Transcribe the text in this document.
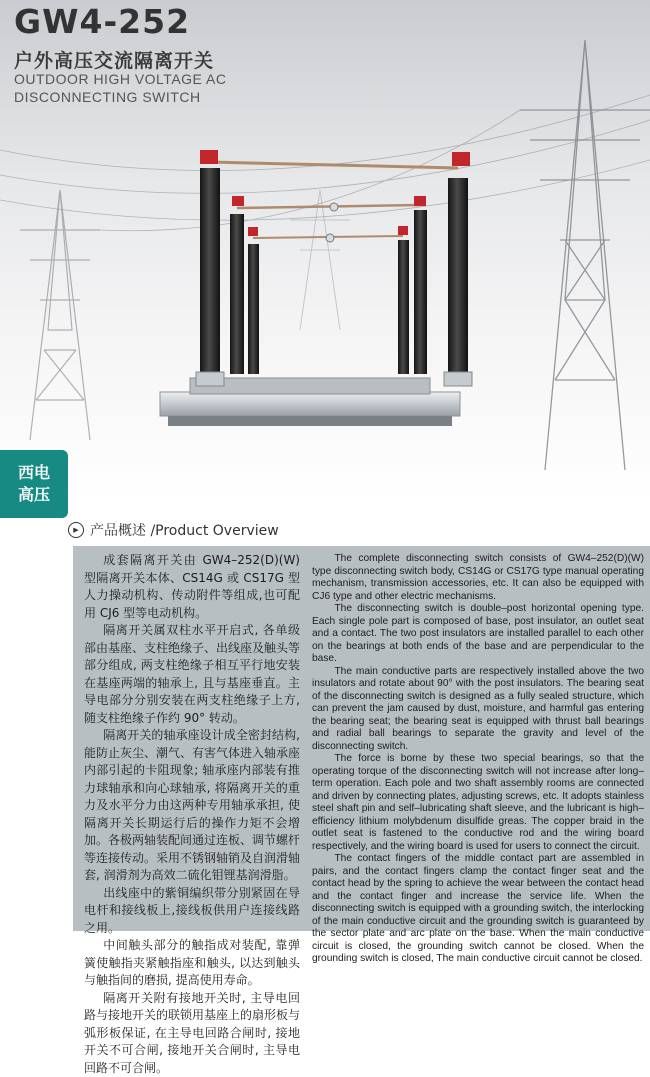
GW4-252
户外高压交流隔离开关
OUTDOOR HIGH VOLTAGE AC
DISCONNECTING SWITCH
西电
高压
▶ 产品概述 /Product Overview

成套隔离开关由 GW4–252(D)(W) 型隔离开关本体、CS14G 或 CS17G 型人力操动机构、传动附件等组成,也可配用 CJ6 型等电动机构。

隔离开关属双柱水平开启式, 各单级部由基座、支柱绝缘子、出线座及触头等部分组成, 两支柱绝缘子相互平行地安装在基座两端的轴承上, 且与基座垂直。主导电部分分别安装在两支柱绝缘子上方,随支柱绝缘子作约 90° 转动。

隔离开关的轴承座设计成全密封结构, 能防止灰尘、潮气、有害气体进入轴承座内部引起的卡阻现象; 轴承座内部装有推力球轴承和向心球轴承, 将隔离开关的重力及水平分力由这两种专用轴承承担, 使隔离开关长期运行后的操作力矩不会增加。各极两轴装配间通过连板、调节螺杆等连接传动。采用不锈钢轴销及自润滑轴套, 润滑剂为高效二硫化钼锂基润滑脂。

出线座中的紫铜编织带分别紧固在导电杆和接线板上,接线板供用户连接线路之用。

中间触头部分的触指成对装配, 靠弹簧使触指夹紧触指座和触头, 以达到触头与触指间的磨损, 提高使用寿命。

隔离开关附有接地开关时, 主导电回路与接地开关的联锁用基座上的扇形板与弧形板保证, 在主导电回路合闸时, 接地开关不可合闸, 接地开关合闸时, 主导电回路不可合闸。

The complete disconnecting switch consists of GW4–252(D)(W) type disconnecting switch body, CS14G or CS17G type manual operating mechanism, transmission accessories, etc. It can also be equipped with CJ6 type and other electric mechanisms.

The disconnecting switch is double–post horizontal opening type. Each single pole part is composed of base, post insulator, an outlet seat and a contact. The two post insulators are installed parallel to each other on the bearings at both ends of the base and are perpendicular to the base.

The main conductive parts are respectively installed above the two insulators and rotate about 90° with the post insulators. The bearing seat of the disconnecting switch is designed as a fully sealed structure, which can prevent the jam caused by dust, moisture, and harmful gas entering the bearing seat; the bearing seat is equipped with thrust ball bearings and radial ball bearings to separate the gravity and level of the disconnecting switch.

The force is borne by these two special bearings, so that the operating torque of the disconnecting switch will not increase after long–term operation. Each pole and two shaft assembly rooms are connected and driven by connecting plates, adjusting screws, etc. It adopts stainless steel shaft pin and self–lubricating shaft sleeve, and the lubricant is high–efficiency lithium molybdenum disulfide greas. The copper braid in the outlet seat is fastened to the conductive rod and the wiring board respectively, and the wiring board is used for users to connect the circuit.

The contact fingers of the middle contact part are assembled in pairs, and the contact fingers clamp the contact finger seat and the contact head by the spring to achieve the wear between the contact head and the contact finger and increase the service life. When the disconnecting switch is equipped with a grounding switch, the interlocking of the main conductive circuit and the grounding switch is guaranteed by the sector plate and arc plate on the base. When the main conductive circuit is closed, the grounding switch cannot be closed. When the grounding switch is closed, The main conductive circuit cannot be closed.
